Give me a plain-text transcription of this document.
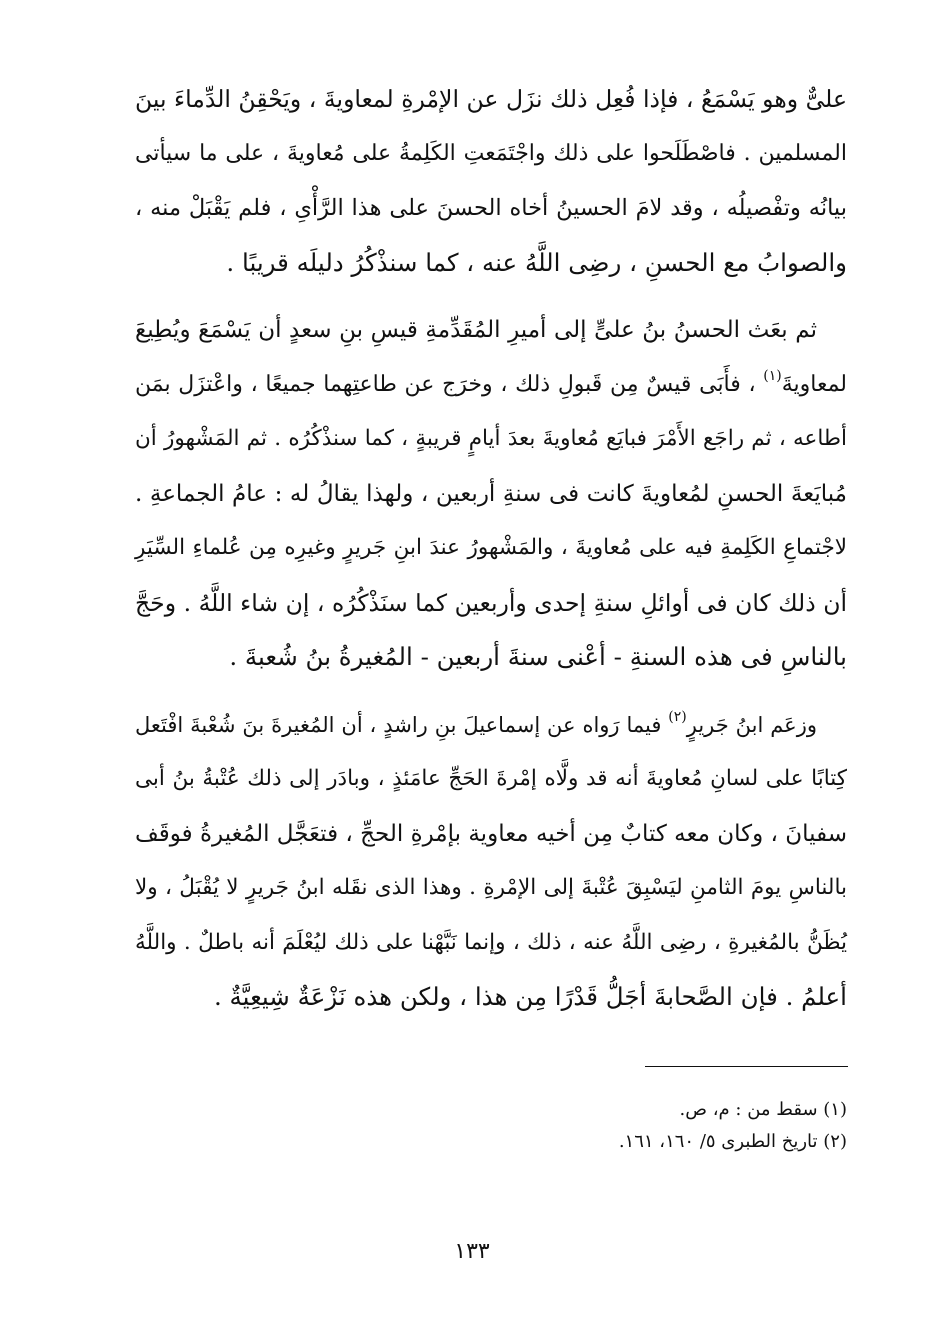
علىٌّ وهو يَسْمَعُ ، فإذا فُعِل ذلك نزَل عن الإمْرةِ لمعاويةَ ، ويَحْقِنُ الدِّماءَ بينَ
المسلمين . فاصْطَلَحوا على ذلك واجْتَمَعتِ الكَلِمةُ على مُعاويةَ ، على ما سيأتى
بيانُه وتفْصيلُه ، وقد لامَ الحسينُ أخاه الحسنَ على هذا الرَّأْىِ ، فلم يَقْبَلْ منه ،
والصوابُ مع الحسنِ ، رضِى اللَّهُ عنه ، كما سنذْكُرُ دليلَه قريبًا .
ثم بعَث الحسنُ بنُ علىٍّ إلى أميرِ المُقَدِّمةِ قيسِ بنِ سعدٍ أن يَسْمَعَ ويُطِيعَ
لمعاويةَ$^{(١)}$ ، فأَبَى قيسٌ مِن قَبولِ ذلك ، وخرَج عن طاعتِهما جميعًا ، واعْتزَل بمَن
أطاعه ، ثم راجَع الأَمْرَ فبايَع مُعاويةَ بعدَ أيامٍ قريبةٍ ، كما سنذْكُرُه . ثم المَشْهورُ أن
مُبايَعةَ الحسنِ لمُعاويةَ كانت فى سنةِ أربعين ، ولهذا يقالُ له : عامُ الجماعةِ .
لاجْتماعِ الكَلِمةِ فيه على مُعاويةَ ، والمَشْهورُ عندَ ابنِ جَريرٍ وغيرِه مِن عُلماءِ السِّيَرِ
أن ذلك كان فى أوائلِ سنةِ إحدى وأربعين كما سنَذْكُرُه ، إن شاء اللَّهُ . وحَجَّ
بالناسِ فى هذه السنةِ - أعْنى سنةَ أربعين - المُغيرةُ بنُ شُعبةَ .
وزعَم ابنُ جَريرٍ$^{(٢)}$ فيما رَواه عن إسماعيلَ بنِ راشدٍ ، أن المُغيرةَ بنَ شُعْبةَ افْتَعل
كِتابًا على لسانِ مُعاويةَ أنه قد ولَّاه إمْرةَ الحَجِّ عامَئذٍ ، وبادَر إلى ذلك عُتْبةُ بنُ أبى
سفيانَ ، وكان معه كتابٌ مِن أخيه معاوية بإمْرةِ الحجِّ ، فتعَجَّل المُغيرةُ فوقَف
بالناسِ يومَ الثامنِ ليَسْبِقَ عُتْبةَ إلى الإمْرةِ . وهذا الذى نقَله ابنُ جَريرٍ لا يُقْبَلُ ، ولا
يُظَنُّ بالمُغيرةِ ، رضِى اللَّهُ عنه ، ذلك ، وإنما نَبَّهْنا على ذلك ليُعْلَمَ أنه باطلٌ . واللَّهُ
أعلمُ . فإن الصَّحابةَ أجَلُّ قَدْرًا مِن هذا ، ولكن هذه نَزْعَةٌ شِيعِيَّةٌ .
(١) سقط من : م، ص.
(٢) تاريخ الطبرى ٥/ ١٦٠، ١٦١.
١٣٣
